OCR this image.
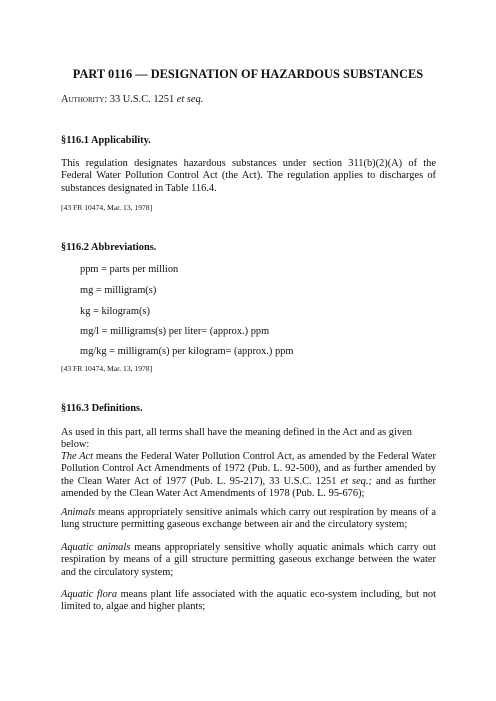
PART 0116 — DESIGNATION OF HAZARDOUS SUBSTANCES

Authority: 33 U.S.C. 1251 et seq.

§116.1 Applicability.

This regulation designates hazardous substances under section 311(b)(2)(A) of the Federal Water Pollution Control Act (the Act). The regulation applies to discharges of substances designated in Table 116.4.

[43 FR 10474, Mar. 13, 1978]

§116.2 Abbreviations.

ppm = parts per million
mg = milligram(s)
kg = kilogram(s)
mg/l = milligrams(s) per liter= (approx.) ppm
mg/kg = milligram(s) per kilogram= (approx.) ppm
[43 FR 10474, Mar. 13, 1978]

§116.3 Definitions.

As used in this part, all terms shall have the meaning defined in the Act and as given below:

The Act means the Federal Water Pollution Control Act, as amended by the Federal Water Pollution Control Act Amendments of 1972 (Pub. L. 92-500), and as further amended by the Clean Water Act of 1977 (Pub. L. 95-217), 33 U.S.C. 1251 et seq.; and as further amended by the Clean Water Act Amendments of 1978 (Pub. L. 95-676);

Animals means appropriately sensitive animals which carry out respiration by means of a lung structure permitting gaseous exchange between air and the circulatory system;

Aquatic animals means appropriately sensitive wholly aquatic animals which carry out respiration by means of a gill structure permitting gaseous exchange between the water and the circulatory system;

Aquatic flora means plant life associated with the aquatic eco-system including, but not limited to, algae and higher plants;
